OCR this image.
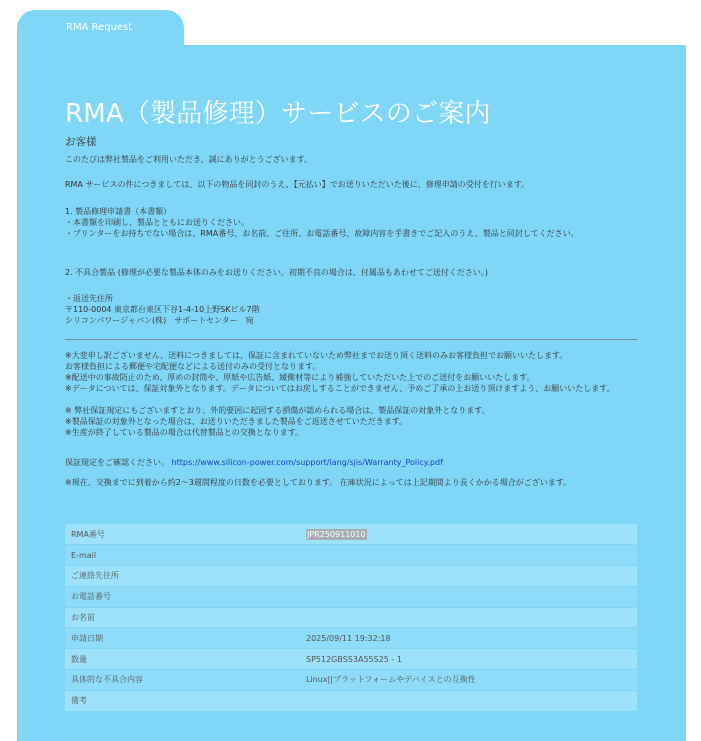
RMA Request
RMA（製品修理）サービスのご案内
お客様
このたびは弊社製品をご利用いただき、誠にありがとうございます。
RMA サービスの件につきましては、以下の物品を同封のうえ、【元払い】でお送りいただいた後に、修理申請の受付を行います。
1. 製品修理申請書（本書類）
・本書類を印刷し、製品とともにお送りください。
・プリンターをお持ちでない場合は、RMA番号、お名前、ご住所、お電話番号、故障内容を手書きでご記入のうえ、製品と同封してください。
2. 不具合製品 (修理が必要な製品本体のみをお送りください。初期不良の場合は、付属品もあわせてご送付ください。)
・返送先住所
〒110-0004 東京都台東区下谷1-4-10上野SKビル7階
シリコンパワージャパン(株)　サポートセンター　宛
※大変申し訳ございません、送料につきましては、保証に含まれていないため弊社までお送り頂く送料のみお客様負担でお願いいたします。
お客様負担による郵便や宅配便などによる送付のみの受付となります。
※配送中の事故防止のため、厚めの封筒や、厚紙や広告紙、緩衝材等により補強していただいた上でのご送付をお願いいたします。
※データについては、保証対象外となります。データについてはお戻しすることができません、予めご了承の上お送り頂けますよう、お願いいたします。
※ 弊社保証規定にもございますとおり、外的要因に起因する損傷が認められる場合は、製品保証の対象外となります。
※製品保証の対象外となった場合は、お送りいただきました製品をご返送させていただきます。
※生産が終了している製品の場合は代替製品との交換となります。
保証規定をご確認ください。 https://www.silicon-power.com/support/lang/sjis/Warranty_Policy.pdf
※現在、交換までに到着から約2～3週間程度の日数を必要としております。 在庫状況によっては上記期間より長くかかる場合がございます。
RMA番号	JPR250911010
E-mail	
ご連絡先住所	
お電話番号	
お名前	
申請日期	2025/09/11 19:32:18
数量	SP512GBSS3A55S25 - 1
具体的な不具合内容	Linux||プラットフォームやデバイスとの互換性
備考	
